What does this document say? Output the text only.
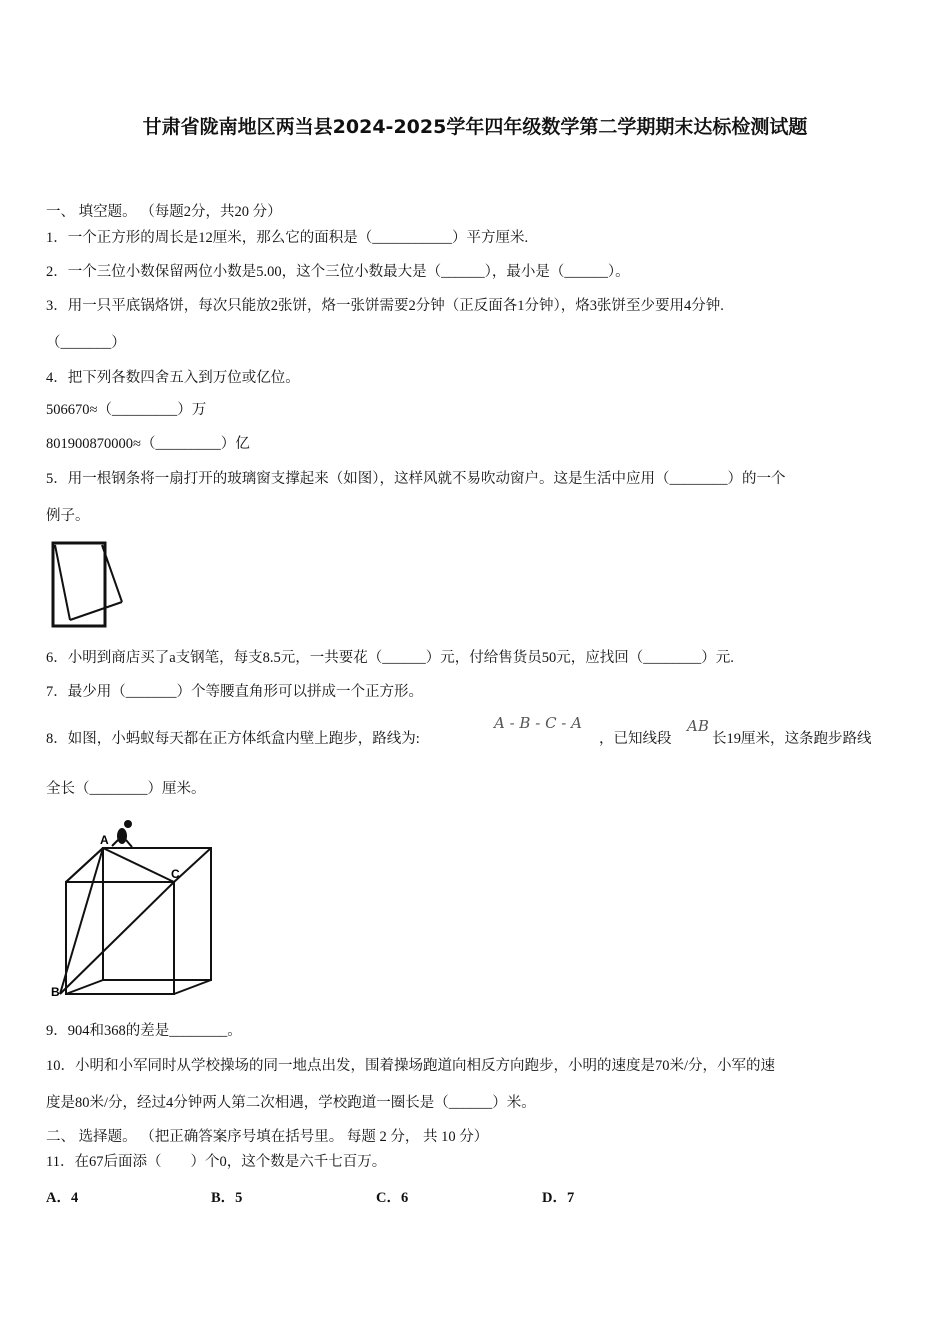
甘肃省陇南地区两当县2024-2025学年四年级数学第二学期期末达标检测试题
一、 填空题。 （每题2分，共20 分）
1．一个正方形的周长是12厘米，那么它的面积是（___________）平方厘米.
2．一个三位小数保留两位小数是5.00，这个三位小数最大是（______），最小是（______）。
3．用一只平底锅烙饼，每次只能放2张饼，烙一张饼需要2分钟（正反面各1分钟），烙3张饼至少要用4分钟.
（_______）
4．把下列各数四舍五入到万位或亿位。
506670≈（_________）万
801900870000≈（_________）亿
5．用一根钢条将一扇打开的玻璃窗支撑起来（如图），这样风就不易吹动窗户。这是生活中应用（________）的一个
例子。
6．小明到商店买了a支钢笔，每支8.5元，一共要花（______）元，付给售货员50元，应找回（________）元.
7．最少用（_______）个等腰直角形可以拼成一个正方形。
8．如图，小蚂蚁每天都在正方体纸盒内壁上跑步，路线为:
A - B - C - A
，已知线段
AB
长19厘米，这条跑步路线
全长（________）厘米。
A
B
C
9．904和368的差是________。
10．小明和小军同时从学校操场的同一地点出发，围着操场跑道向相反方向跑步，小明的速度是70米/分，小军的速
度是80米/分，经过4分钟两人第二次相遇，学校跑道一圈长是（______）米。
二、 选择题。 （把正确答案序号填在括号里。 每题 2 分， 共 10 分）
11．在67后面添（　　）个0，这个数是六千七百万。
A．4	B．5	C．6	D．7
